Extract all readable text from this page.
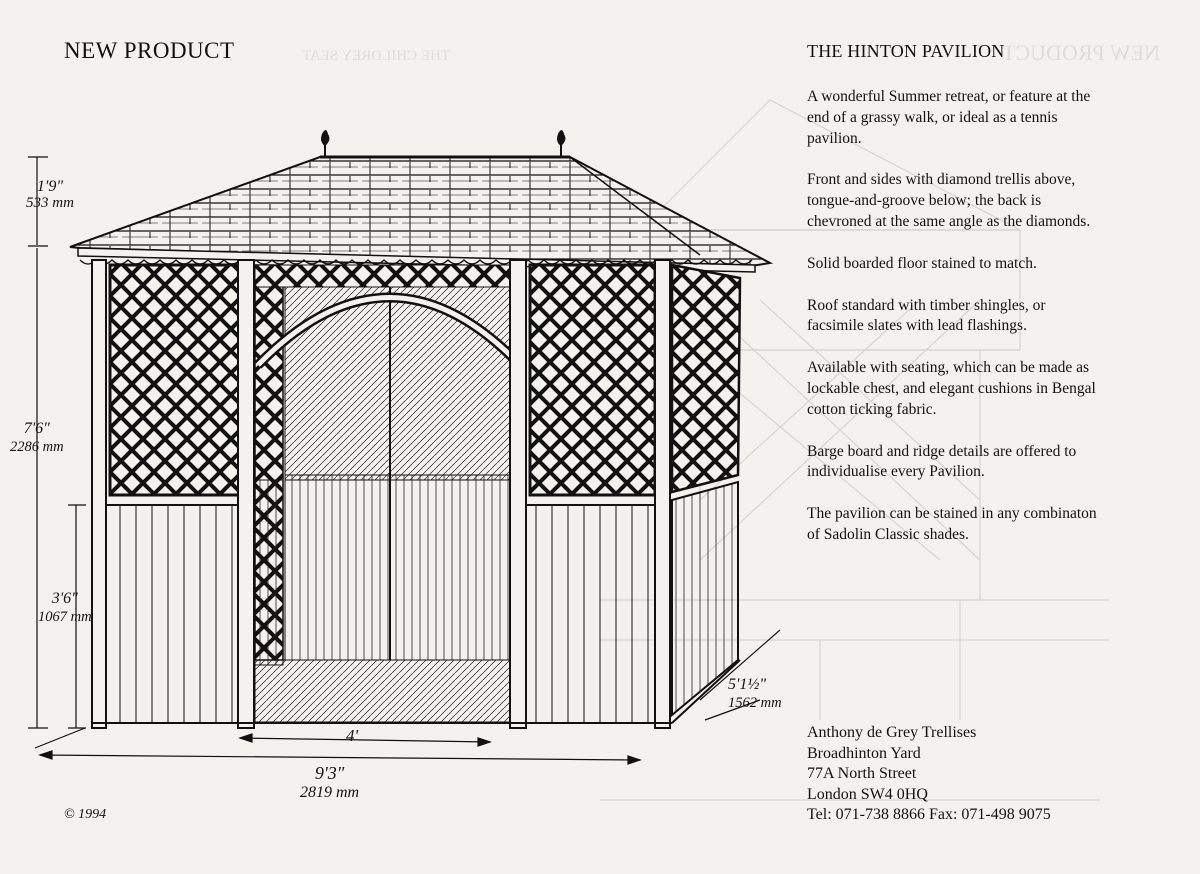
THE CHILDREY SEAT	NEW PRODUCT
NEW PRODUCT	THE HINTON PAVILION

A wonderful Summer retreat, or feature at the end of a grassy walk, or ideal as a tennis pavilion.

Front and sides with diamond trellis above, tongue-and-groove below; the back is chevroned at the same angle as the diamonds.

Solid boarded floor stained to match.

Roof standard with timber shingles, or facsimile slates with lead flashings.

Available with seating, which can be made as lockable chest, and elegant cushions in Bengal cotton ticking fabric.

Barge board and ridge details are offered to individualise every Pavilion.

The pavilion can be stained in any combinaton of Sadolin Classic shades.

Anthony de Grey Trellises
Broadhinton Yard
77A North Street
London SW4 0HQ
Tel: 071-738 8866 Fax: 071-498 9075
© 1994
1'9"
533 mm
7'6"
2286 mm
3'6"
1067 mm
5'1½"
1562 mm
4'
9'3"
2819 mm
